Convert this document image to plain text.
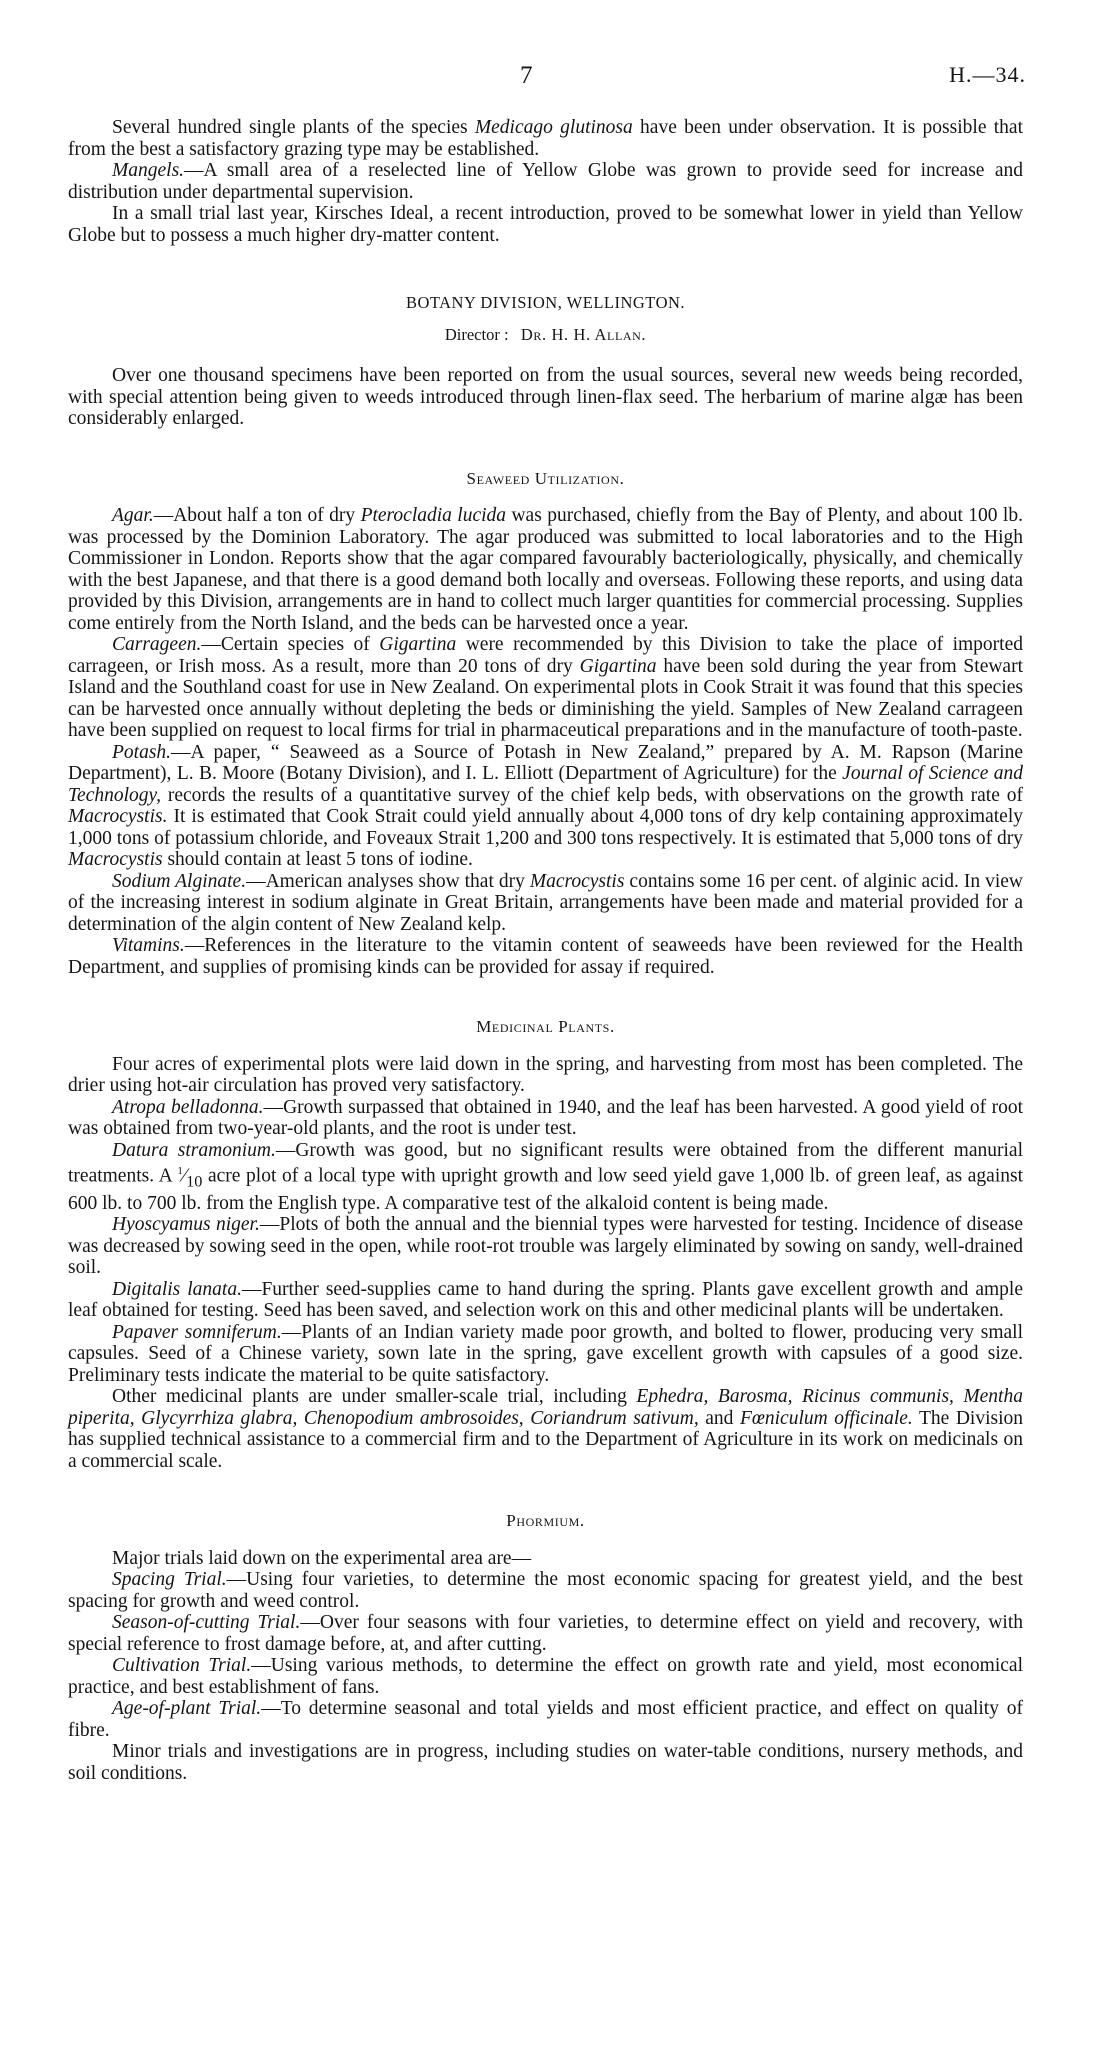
7	H.—34.

Several hundred single plants of the species Medicago glutinosa have been under observation. It is possible that from the best a satisfactory grazing type may be established.

Mangels.—A small area of a reselected line of Yellow Globe was grown to provide seed for increase and distribution under departmental supervision.

In a small trial last year, Kirsches Ideal, a recent introduction, proved to be somewhat lower in yield than Yellow Globe but to possess a much higher dry-matter content.

BOTANY DIVISION, WELLINGTON.
Director : Dr. H. H. Allan.

Over one thousand specimens have been reported on from the usual sources, several new weeds being recorded, with special attention being given to weeds introduced through linen-flax seed. The herbarium of marine algæ has been considerably enlarged.

Seaweed Utilization.

Agar.—About half a ton of dry Pterocladia lucida was purchased, chiefly from the Bay of Plenty, and about 100 lb. was processed by the Dominion Laboratory. The agar produced was submitted to local laboratories and to the High Commissioner in London. Reports show that the agar compared favourably bacteriologically, physically, and chemically with the best Japanese, and that there is a good demand both locally and overseas. Following these reports, and using data provided by this Division, arrangements are in hand to collect much larger quantities for commercial processing. Supplies come entirely from the North Island, and the beds can be harvested once a year.

Carrageen.—Certain species of Gigartina were recommended by this Division to take the place of imported carrageen, or Irish moss. As a result, more than 20 tons of dry Gigartina have been sold during the year from Stewart Island and the Southland coast for use in New Zealand. On experimental plots in Cook Strait it was found that this species can be harvested once annually without depleting the beds or diminishing the yield. Samples of New Zealand carrageen have been supplied on request to local firms for trial in pharmaceutical preparations and in the manufacture of tooth-paste.

Potash.—A paper, “ Seaweed as a Source of Potash in New Zealand,” prepared by A. M. Rapson (Marine Department), L. B. Moore (Botany Division), and I. L. Elliott (Department of Agriculture) for the Journal of Science and Technology, records the results of a quantitative survey of the chief kelp beds, with observations on the growth rate of Macrocystis. It is estimated that Cook Strait could yield annually about 4,000 tons of dry kelp containing approximately 1,000 tons of potassium chloride, and Foveaux Strait 1,200 and 300 tons respectively. It is estimated that 5,000 tons of dry Macrocystis should contain at least 5 tons of iodine.

Sodium Alginate.—American analyses show that dry Macrocystis contains some 16 per cent. of alginic acid. In view of the increasing interest in sodium alginate in Great Britain, arrangements have been made and material provided for a determination of the algin content of New Zealand kelp.

Vitamins.—References in the literature to the vitamin content of seaweeds have been reviewed for the Health Department, and supplies of promising kinds can be provided for assay if required.

Medicinal Plants.

Four acres of experimental plots were laid down in the spring, and harvesting from most has been completed. The drier using hot-air circulation has proved very satisfactory.

Atropa belladonna.—Growth surpassed that obtained in 1940, and the leaf has been harvested. A good yield of root was obtained from two-year-old plants, and the root is under test.

Datura stramonium.—Growth was good, but no significant results were obtained from the different manurial treatments. A $^1⁄_{10}$ acre plot of a local type with upright growth and low seed yield gave 1,000 lb. of green leaf, as against 600 lb. to 700 lb. from the English type. A comparative test of the alkaloid content is being made.

Hyoscyamus niger.—Plots of both the annual and the biennial types were harvested for testing. Incidence of disease was decreased by sowing seed in the open, while root-rot trouble was largely eliminated by sowing on sandy, well-drained soil.

Digitalis lanata.—Further seed-supplies came to hand during the spring. Plants gave excellent growth and ample leaf obtained for testing. Seed has been saved, and selection work on this and other medicinal plants will be undertaken.

Papaver somniferum.—Plants of an Indian variety made poor growth, and bolted to flower, producing very small capsules. Seed of a Chinese variety, sown late in the spring, gave excellent growth with capsules of a good size. Preliminary tests indicate the material to be quite satisfactory.

Other medicinal plants are under smaller-scale trial, including Ephedra, Barosma, Ricinus communis, Mentha piperita, Glycyrrhiza glabra, Chenopodium ambrosoides, Coriandrum sativum, and Fœniculum officinale. The Division has supplied technical assistance to a commercial firm and to the Department of Agriculture in its work on medicinals on a commercial scale.

Phormium.

Major trials laid down on the experimental area are—

Spacing Trial.—Using four varieties, to determine the most economic spacing for greatest yield, and the best spacing for growth and weed control.

Season-of-cutting Trial.—Over four seasons with four varieties, to determine effect on yield and recovery, with special reference to frost damage before, at, and after cutting.

Cultivation Trial.—Using various methods, to determine the effect on growth rate and yield, most economical practice, and best establishment of fans.

Age-of-plant Trial.—To determine seasonal and total yields and most efficient practice, and effect on quality of fibre.

Minor trials and investigations are in progress, including studies on water-table conditions, nursery methods, and soil conditions.
